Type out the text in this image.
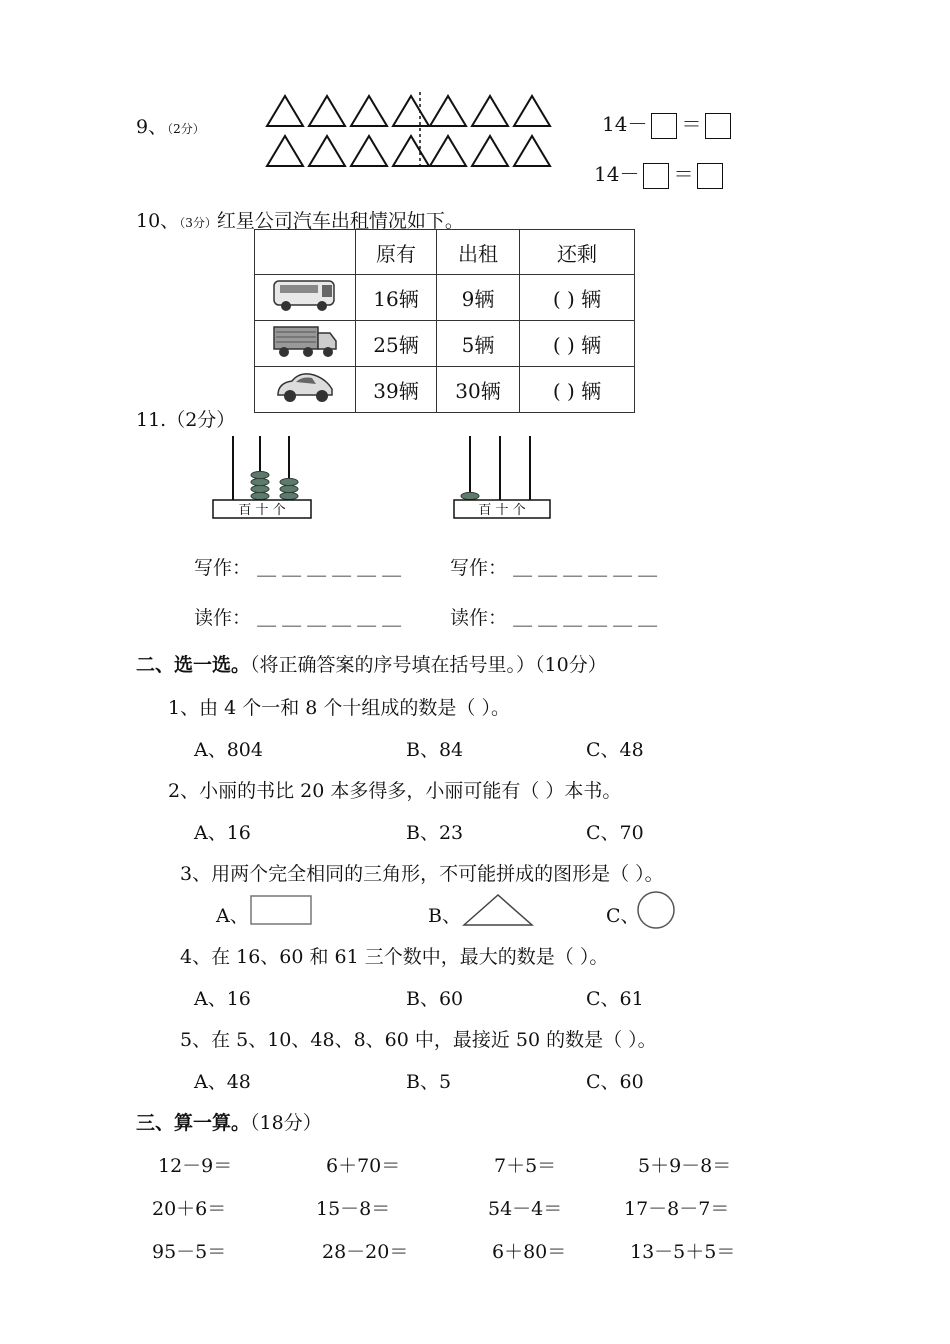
9、（2分）	14－ ＝
14－ ＝
10、（3分）红星公司汽车出租情况如下。
	原有	出租	还剩
	16辆	9辆	( ) 辆
	25辆	5辆	( ) 辆
	39辆	30辆	( ) 辆
11.（2分）
百 十 个	百 十 个
写作： ＿＿＿＿＿＿ 写作： ＿＿＿＿＿＿
读作： ＿＿＿＿＿＿ 读作： ＿＿＿＿＿＿
二、选一选。（将正确答案的序号填在括号里。）（10分）
1、由 4 个一和 8 个十组成的数是（ ）。
A、804	B、84	C、48
2、小丽的书比 20 本多得多，小丽可能有（ ）本书。
A、16	B、23	C、70
3、用两个完全相同的三角形，不可能拼成的图形是（ ）。
A、	B、	C、
4、在 16、60 和 61 三个数中，最大的数是（ ）。
A、16	B、60	C、61
5、在 5、10、48、8、60 中，最接近 50 的数是（ ）。
A、48	B、5	C、60
三、算一算。（18分）
12－9＝	6＋70＝	7＋5＝	5＋9－8＝
20＋6＝	15－8＝	54－4＝	17－8－7＝
95－5＝	28－20＝	6＋80＝	13－5＋5＝
